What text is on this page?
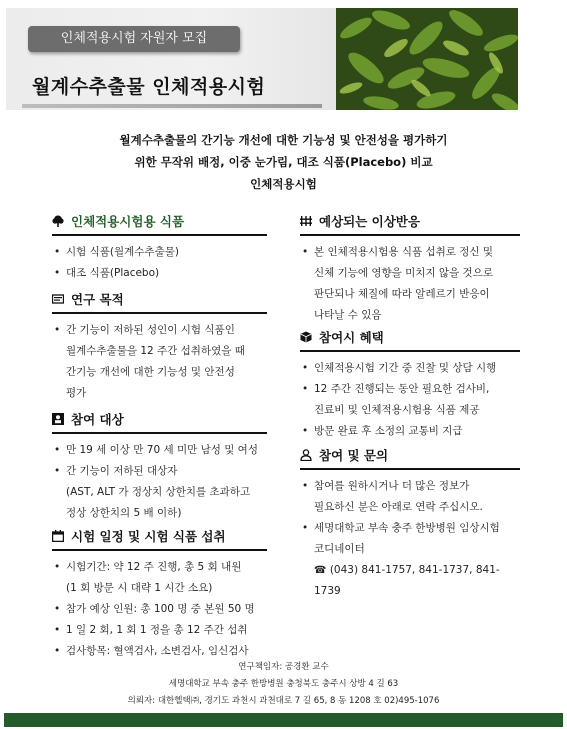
인체적용시험 자원자 모집
월계수추출물 인체적용시험
월계수추출물의 간기능 개선에 대한 기능성 및 안전성을 평가하기
위한 무작위 배정, 이중 눈가림, 대조 식품(Placebo) 비교
인체적용시험
인체적용시험용 식품
• 시험 식품(월계수추출물)
• 대조 식품(Placebo)
연구 목적
• 간 기능이 저하된 성인이 시험 식품인
월계수추출물을 12 주간 섭취하였을 때
간기능 개선에 대한 기능성 및 안전성
평가
참여 대상
• 만 19 세 이상 만 70 세 미만 남성 및 여성
• 간 기능이 저하된 대상자
(AST, ALT 가 정상치 상한치를 초과하고
정상 상한치의 5 배 이하)
시험 일정 및 시험 식품 섭취
• 시험기간: 약 12 주 진행, 총 5 회 내원
(1 회 방문 시 대략 1 시간 소요)
• 참가 예상 인원: 총 100 명 중 본원 50 명
• 1 일 2 회, 1 회 1 정을 총 12 주간 섭취
• 검사항목: 혈액검사, 소변검사, 임신검사
예상되는 이상반응
• 본 인체적용시험용 식품 섭취로 정신 및
신체 기능에 영향을 미치지 않을 것으로
판단되나 체질에 따라 알레르기 반응이
나타날 수 있음
참여시 혜택
• 인체적용시험 기간 중 진찰 및 상담 시행
• 12 주간 진행되는 동안 필요한 검사비,
진료비 및 인체적용시험용 식품 제공
• 방문 완료 후 소정의 교통비 지급
참여 및 문의
• 참여를 원하시거나 더 많은 정보가
필요하신 분은 아래로 연락 주십시오.
• 세명대학교 부속 충주 한방병원 임상시험
코디네이터
☎ (043) 841-1757, 841-1737, 841-1739
연구책임자: 공경환 교수
세명대학교 부속 충주 한방병원 충청북도 충주시 상방 4 길 63
의뢰자: 대한헬택㈜, 경기도 과천시 과천대로 7 길 65, 8 동 1208 호 02)495-1076
